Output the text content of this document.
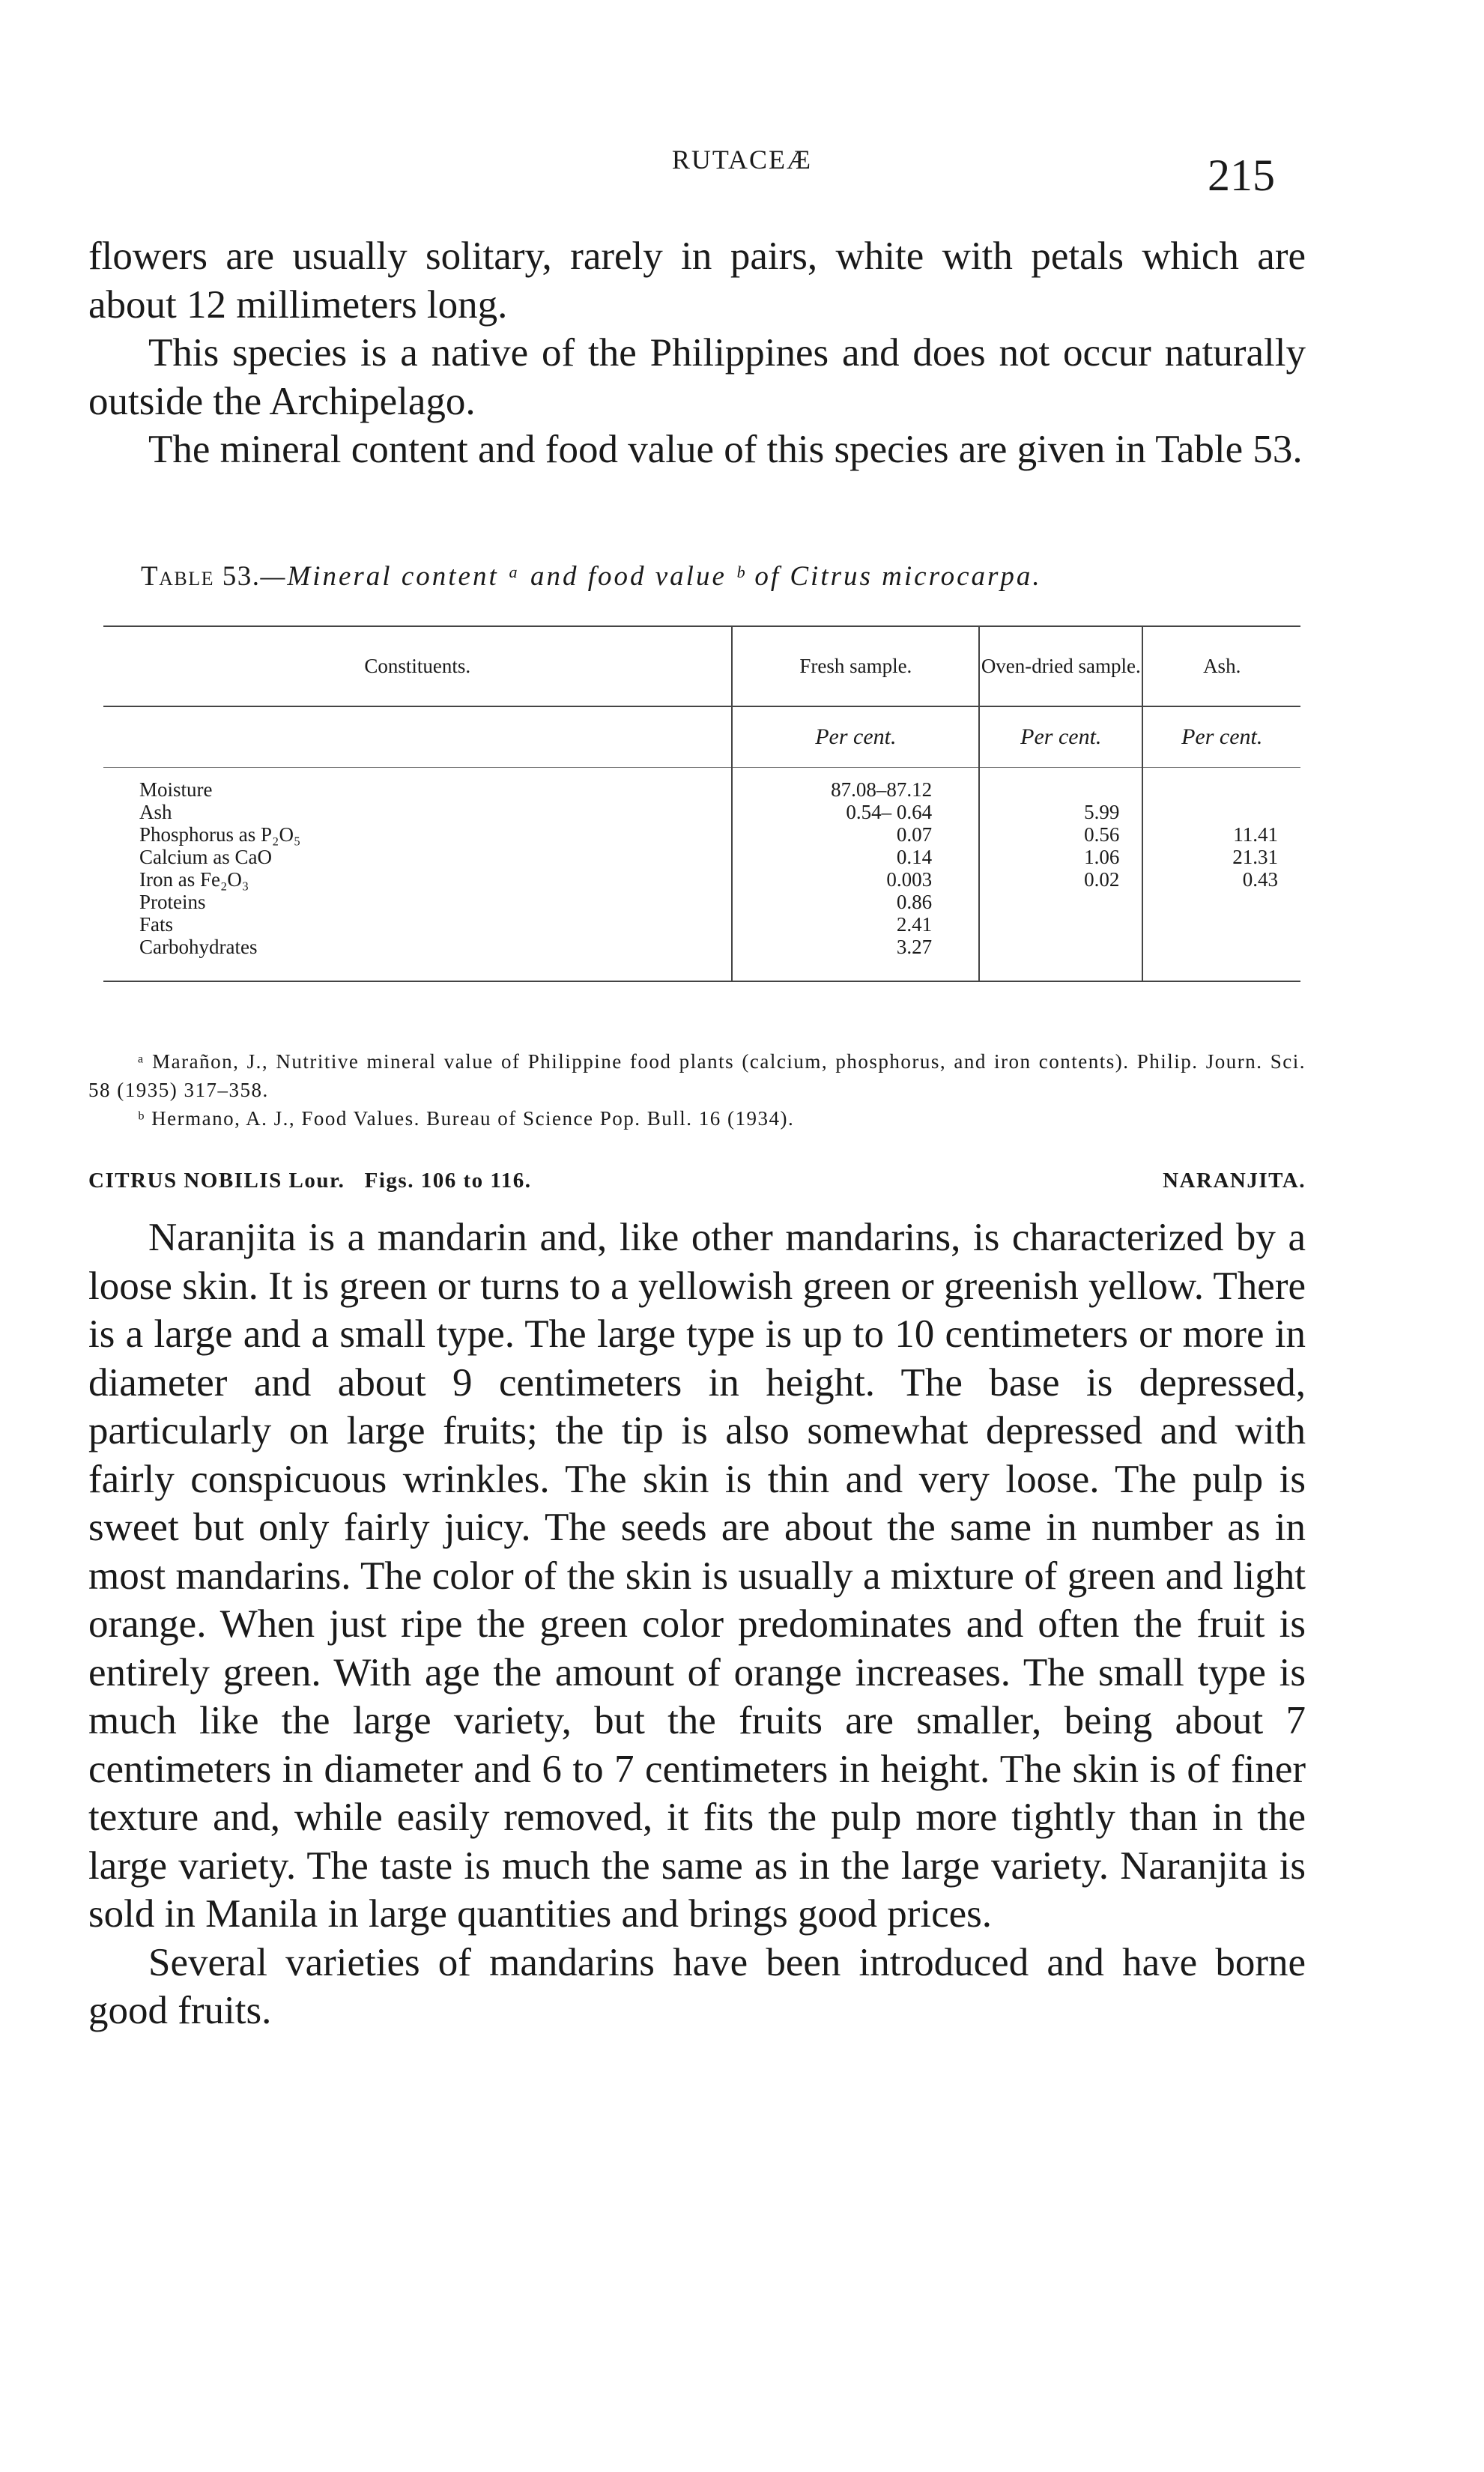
RUTACEÆ	215

flowers are usually solitary, rarely in pairs, white with petals which are about 12 millimeters long.

This species is a native of the Philippines and does not occur naturally outside the Archipelago.

The mineral content and food value of this species are given in Table 53.

Table 53.—Mineral content ᵃ and food value ᵇ of Citrus microcarpa.
Constituents.	Fresh sample.	Oven-dried sample.	Ash.
	Per cent.	Per cent.	Per cent.
Moisture	87.08–87.12		
Ash	0.54– 0.64	5.99	
Phosphorus as P₂O₅	0.07	0.56	11.41
Calcium as CaO	0.14	1.06	21.31
Iron as Fe₂O₃	0.003	0.02	0.43
Proteins	0.86		
Fats	2.41		
Carbohydrates	3.27		

ᵃ Marañon, J., Nutritive mineral value of Philippine food plants (calcium, phosphorus, and iron contents). Philip. Journ. Sci. 58 (1935) 317–358.

ᵇ Hermano, A. J., Food Values. Bureau of Science Pop. Bull. 16 (1934).

CITRUS NOBILIS Lour. Figs. 106 to 116.	NARANJITA.

Naranjita is a mandarin and, like other mandarins, is characterized by a loose skin. It is green or turns to a yellowish green or greenish yellow. There is a large and a small type. The large type is up to 10 centimeters or more in diameter and about 9 centimeters in height. The base is depressed, particularly on large fruits; the tip is also somewhat depressed and with fairly conspicuous wrinkles. The skin is thin and very loose. The pulp is sweet but only fairly juicy. The seeds are about the same in number as in most mandarins. The color of the skin is usually a mixture of green and light orange. When just ripe the green color predominates and often the fruit is entirely green. With age the amount of orange increases. The small type is much like the large variety, but the fruits are smaller, being about 7 centimeters in diameter and 6 to 7 centimeters in height. The skin is of finer texture and, while easily removed, it fits the pulp more tightly than in the large variety. The taste is much the same as in the large variety. Naranjita is sold in Manila in large quantities and brings good prices.

Several varieties of mandarins have been introduced and have borne good fruits.
